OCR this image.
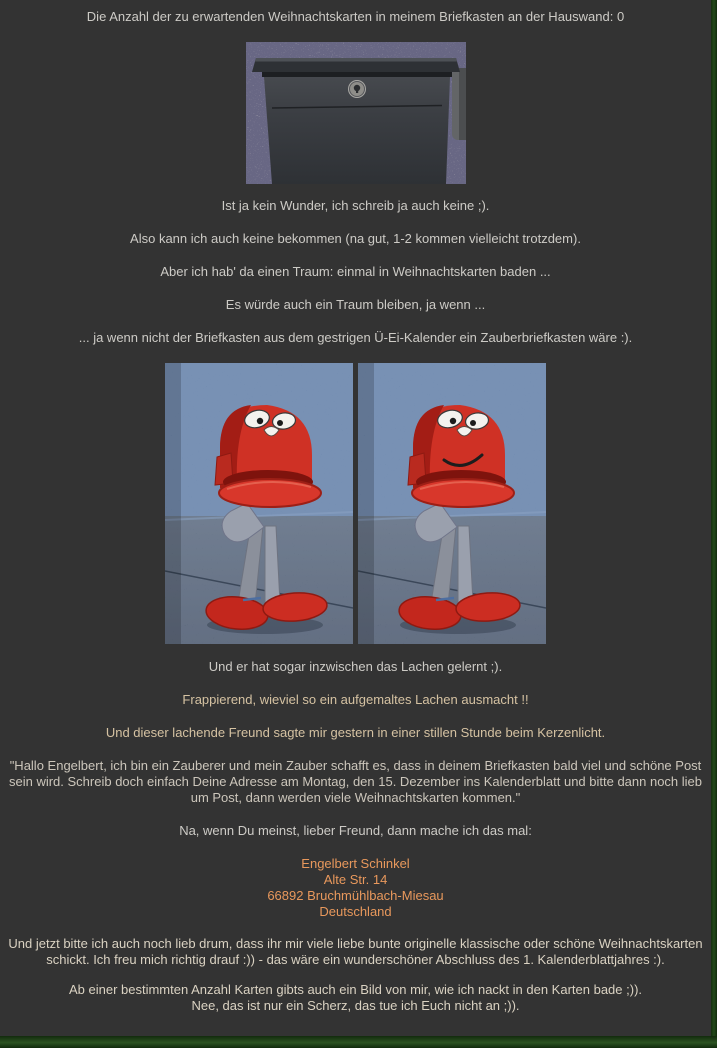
Die Anzahl der zu erwartenden Weihnachtskarten in meinem Briefkasten an der Hauswand: 0

Ist ja kein Wunder, ich schreib ja auch keine ;).

Also kann ich auch keine bekommen (na gut, 1-2 kommen vielleicht trotzdem).

Aber ich hab' da einen Traum: einmal in Weihnachtskarten baden ...

Es würde auch ein Traum bleiben, ja wenn ...

... ja wenn nicht der Briefkasten aus dem gestrigen Ü-Ei-Kalender ein Zauberbriefkasten wäre :).

Und er hat sogar inzwischen das Lachen gelernt ;).

Frappierend, wieviel so ein aufgemaltes Lachen ausmacht !!

Und dieser lachende Freund sagte mir gestern in einer stillen Stunde beim Kerzenlicht.

"Hallo Engelbert, ich bin ein Zauberer und mein Zauber schafft es, dass in deinem Briefkasten bald viel und schöne Post sein wird. Schreib doch einfach Deine Adresse am Montag, den 15. Dezember ins Kalenderblatt und bitte dann noch lieb um Post, dann werden viele Weihnachtskarten kommen."

Na, wenn Du meinst, lieber Freund, dann mache ich das mal:

Engelbert Schinkel
Alte Str. 14
66892 Bruchmühlbach-Miesau
Deutschland

Und jetzt bitte ich auch noch lieb drum, dass ihr mir viele liebe bunte originelle klassische oder schöne Weihnachtskarten schickt. Ich freu mich richtig drauf :)) - das wäre ein wunderschöner Abschluss des 1. Kalenderblattjahres :).

Ab einer bestimmten Anzahl Karten gibts auch ein Bild von mir, wie ich nackt in den Karten bade ;)).
Nee, das ist nur ein Scherz, das tue ich Euch nicht an ;)).
